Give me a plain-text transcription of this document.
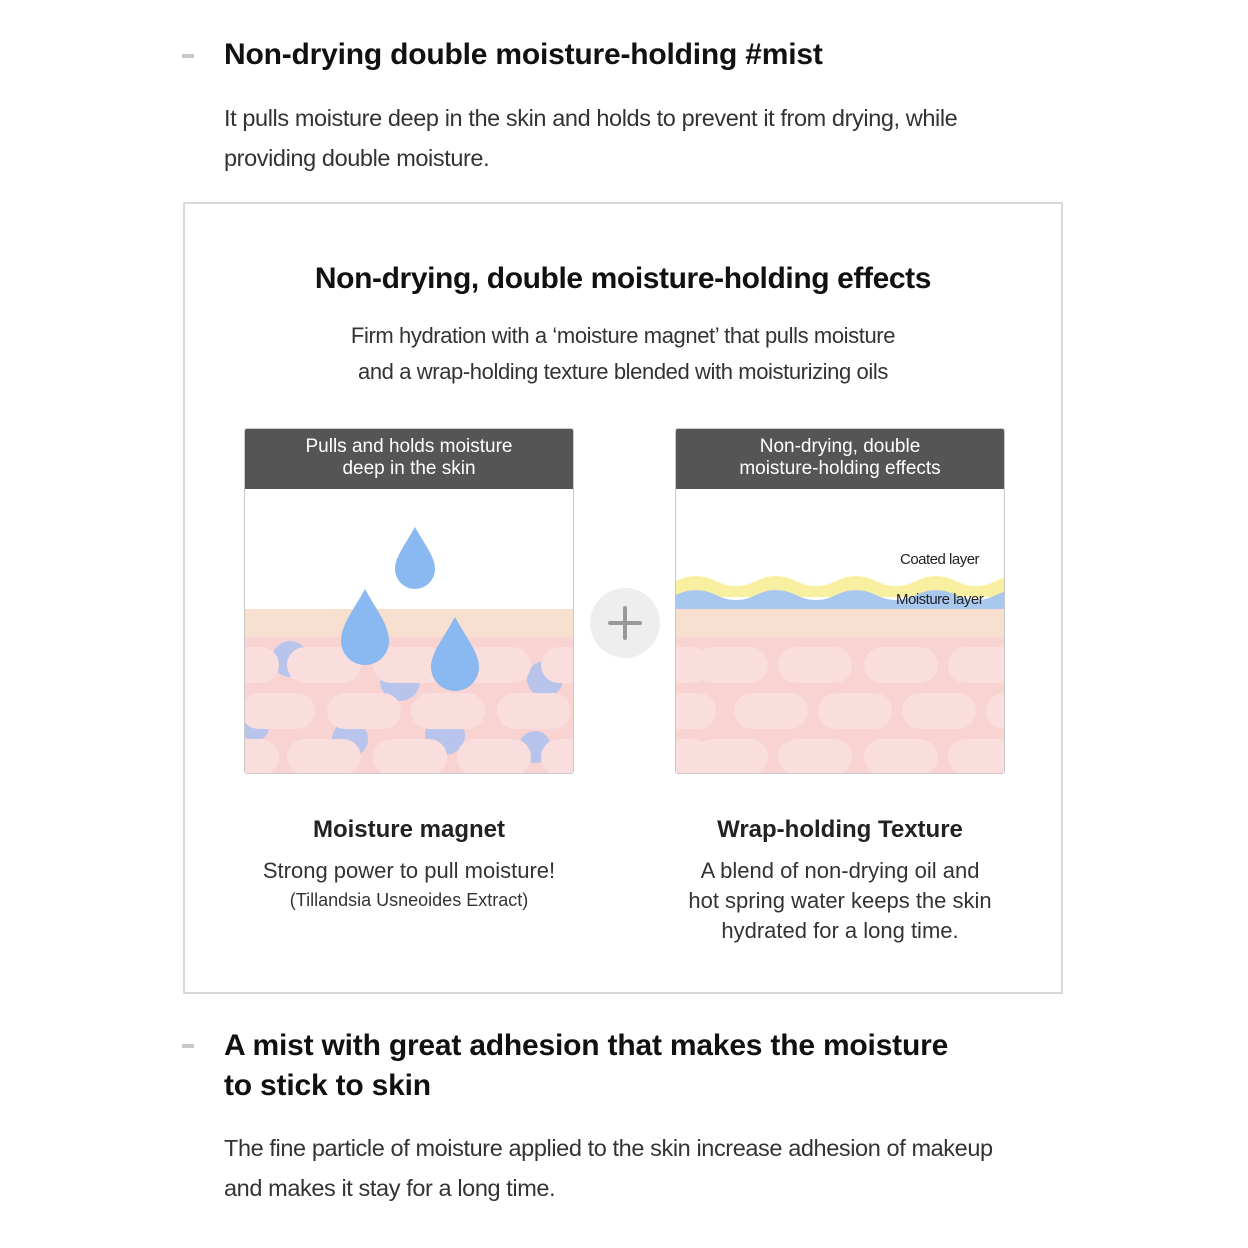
Non-drying double moisture-holding #mist

It pulls moisture deep in the skin and holds to prevent it from drying, while

providing double moisture.

Non-drying, double moisture-holding effects
Firm hydration with a ‘moisture magnet’ that pulls moisture
and a wrap-holding texture blended with moisturizing oils
Pulls and holds moisture
deep in the skin
Non-drying, double
moisture-holding effects
Coated layer
Moisture layer
Moisture magnet

Strong power to pull moisture!

(Tillandsia Usneoides Extract)

Wrap-holding Texture
A blend of non-drying oil and
hot spring water keeps the skin
hydrated for a long time.
A mist with great adhesion that makes the moisture
to stick to skin

The fine particle of moisture applied to the skin increase adhesion of makeup

and makes it stay for a long time.
